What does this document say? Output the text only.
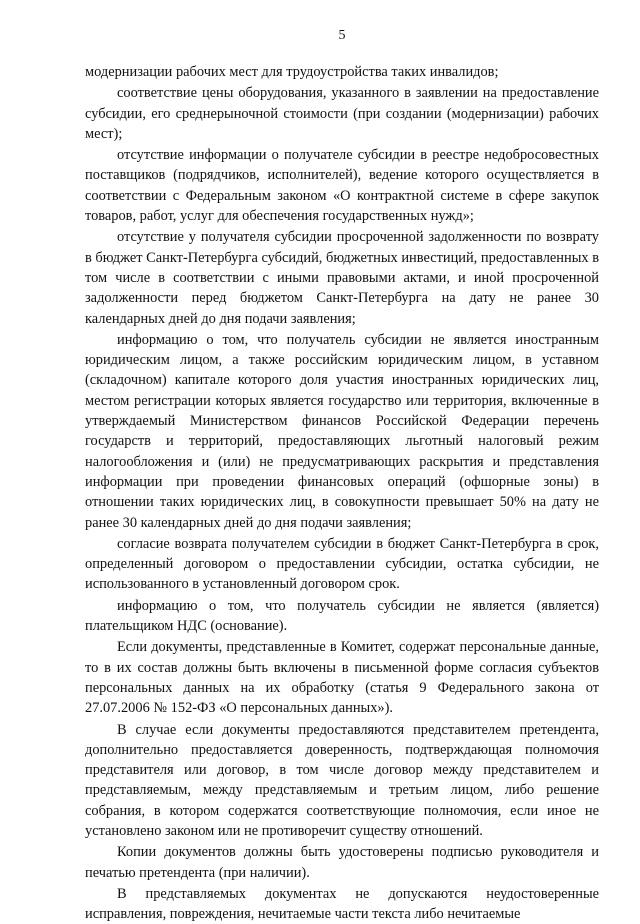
5

модернизации рабочих мест для трудоустройства таких инвалидов;

соответствие цены оборудования, указанного в заявлении на предоставление субсидии, его среднерыночной стоимости (при создании (модернизации) рабочих мест);

отсутствие информации о получателе субсидии в реестре недобросовестных поставщиков (подрядчиков, исполнителей), ведение которого осуществляется в соответствии с Федеральным законом «О контрактной системе в сфере закупок товаров, работ, услуг для обеспечения государственных нужд»;

отсутствие у получателя субсидии просроченной задолженности по возврату в бюджет Санкт-Петербурга субсидий, бюджетных инвестиций, предоставленных в том числе в соответствии с иными правовыми актами, и иной просроченной задолженности перед бюджетом Санкт-Петербурга на дату не ранее 30 календарных дней до дня подачи заявления;

информацию о том, что получатель субсидии не является иностранным юридическим лицом, а также российским юридическим лицом, в уставном (складочном) капитале которого доля участия иностранных юридических лиц, местом регистрации которых является государство или территория, включенные в утверждаемый Министерством финансов Российской Федерации перечень государств и территорий, предоставляющих льготный налоговый режим налогообложения и (или) не предусматривающих раскрытия и представления информации при проведении финансовых операций (офшорные зоны) в отношении таких юридических лиц, в совокупности превышает 50% на дату не ранее 30 календарных дней до дня подачи заявления;

согласие возврата получателем субсидии в бюджет Санкт-Петербурга в срок, определенный договором о предоставлении субсидии, остатка субсидии, не использованного в установленный договором срок.

информацию о том, что получатель субсидии не является (является) плательщиком НДС (основание).

Если документы, представленные в Комитет, содержат персональные данные, то в их состав должны быть включены в письменной форме согласия субъектов персональных данных на их обработку (статья 9 Федерального закона от 27.07.2006 № 152-ФЗ «О персональных данных»).

В случае если документы предоставляются представителем претендента, дополнительно предоставляется доверенность, подтверждающая полномочия представителя или договор, в том числе договор между представителем и представляемым, между представляемым и третьим лицом, либо решение собрания, в котором содержатся соответствующие полномочия, если иное не установлено законом или не противоречит существу отношений.

Копии документов должны быть удостоверены подписью руководителя и печатью претендента (при наличии).

В представляемых документах не допускаются неудостоверенные исправления, повреждения, нечитаемые части текста либо нечитаемые
